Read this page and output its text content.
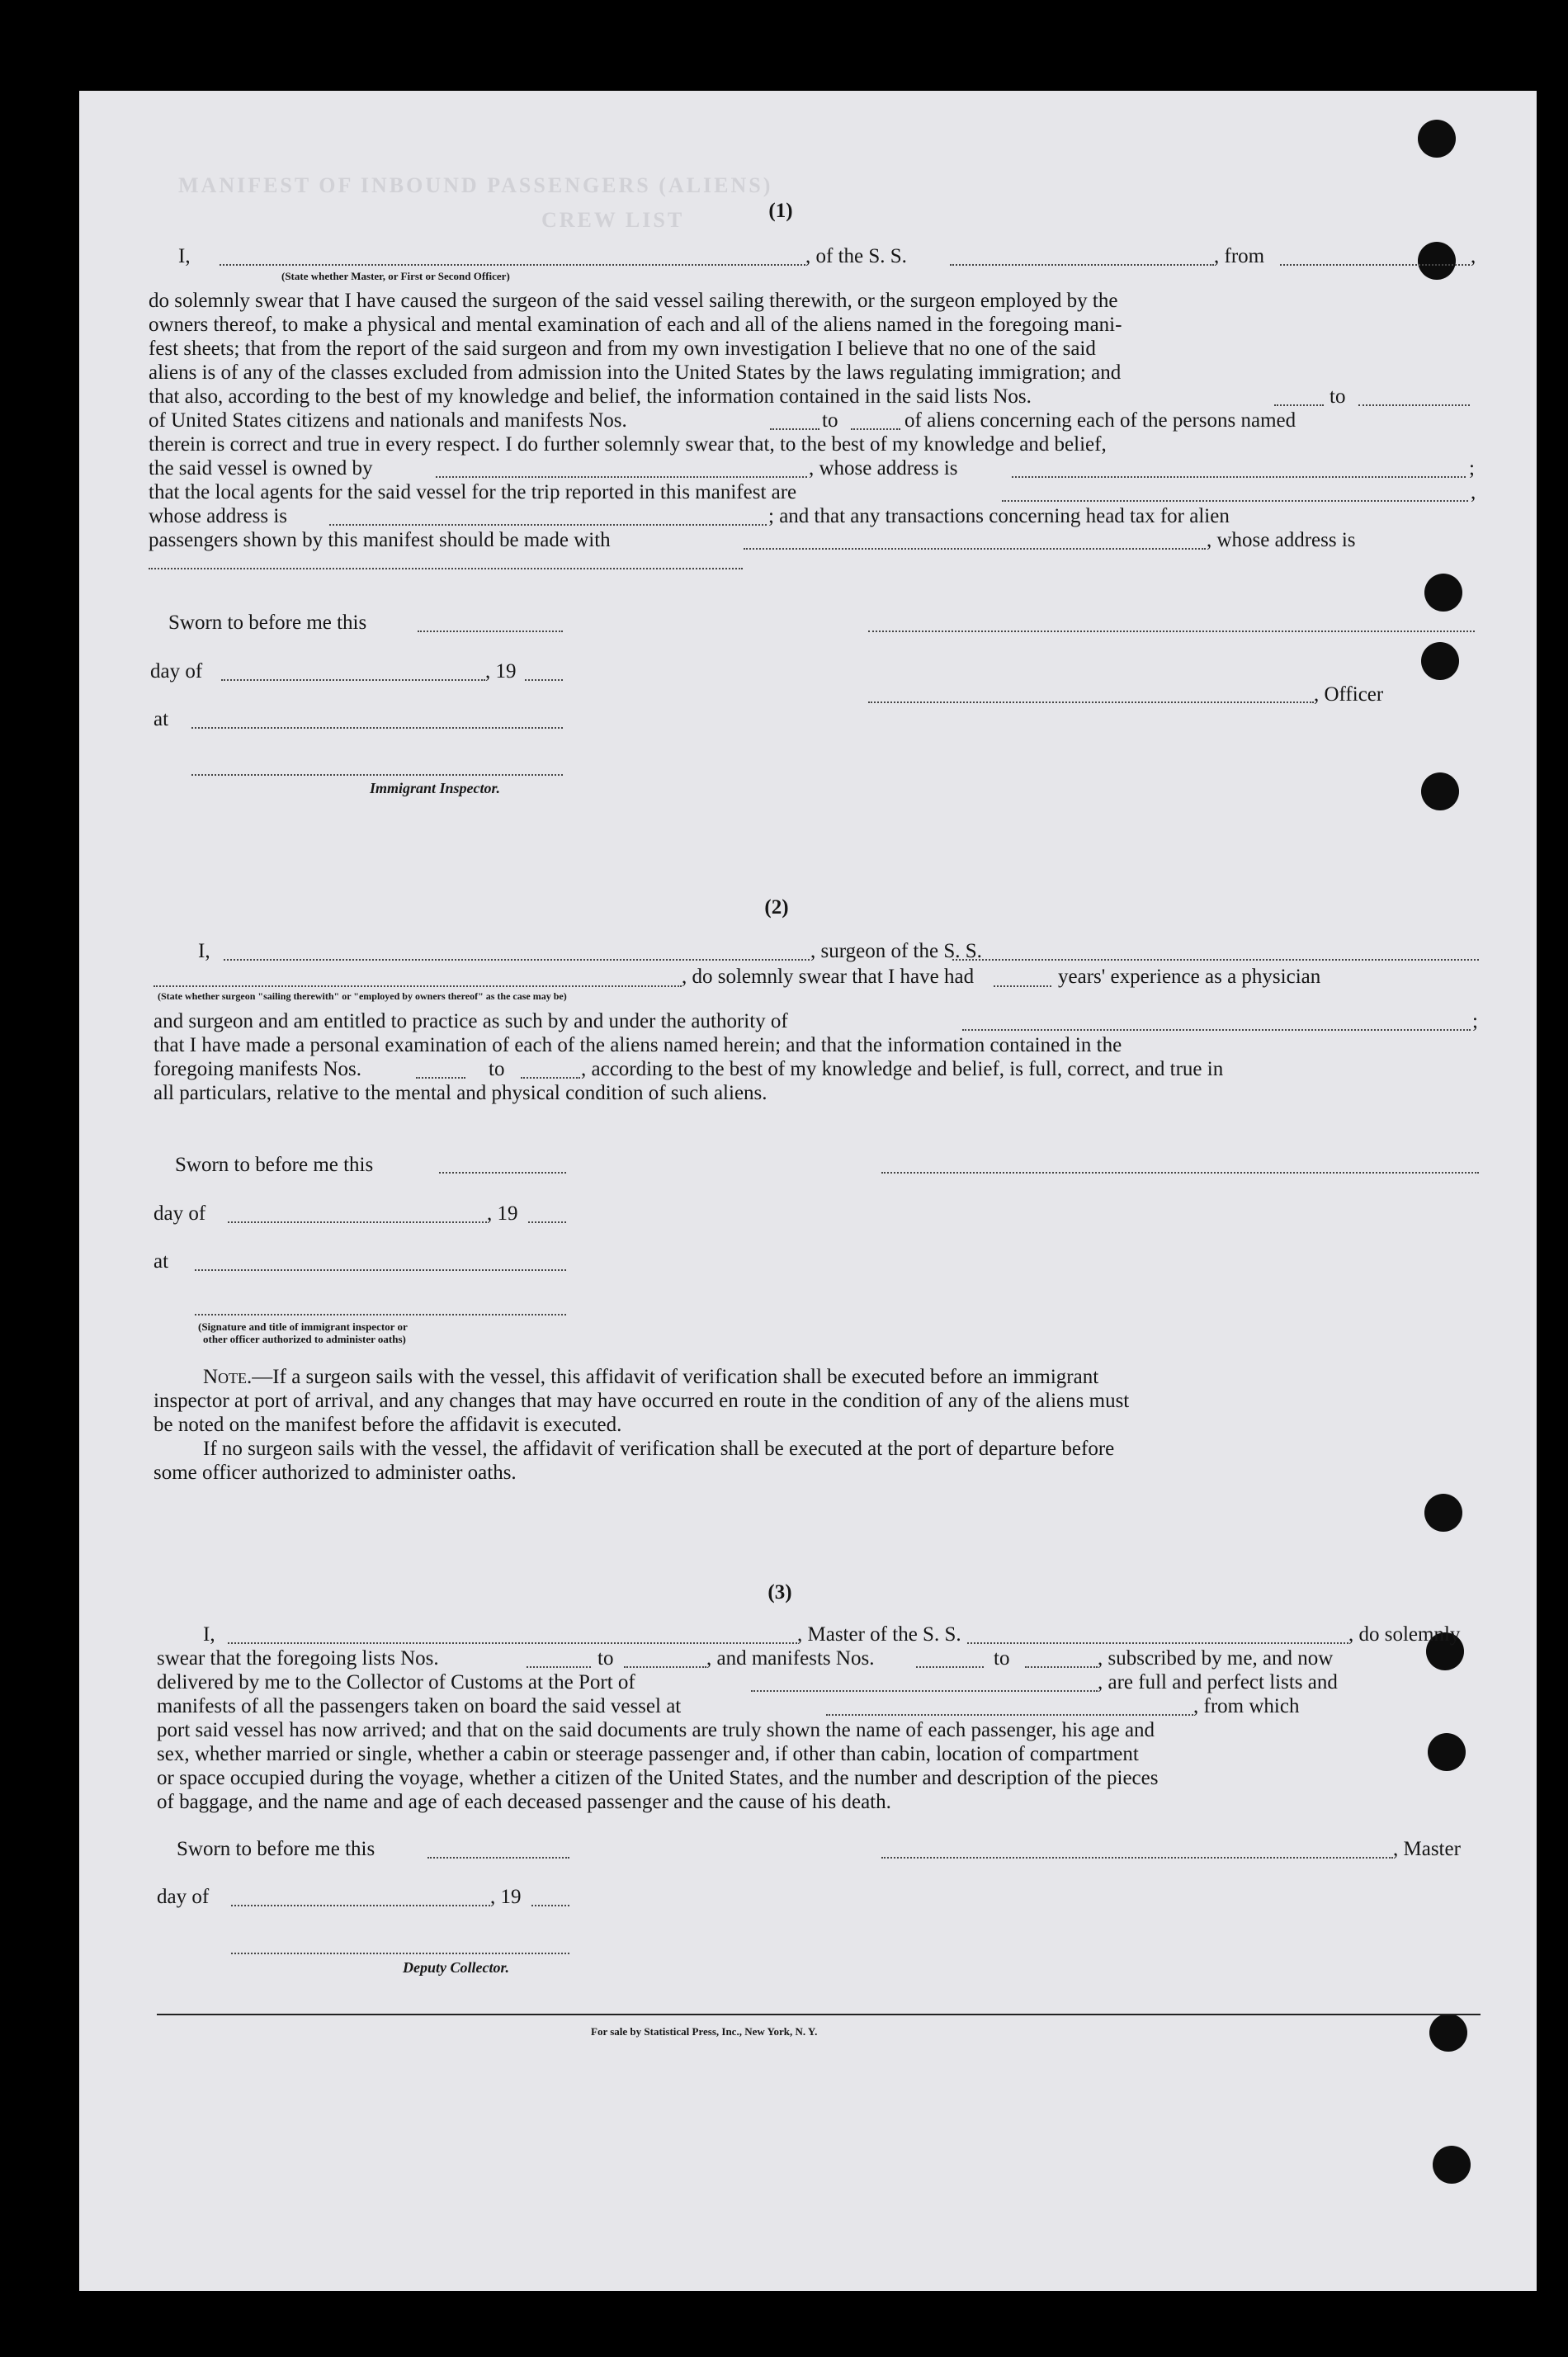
MANIFEST OF INBOUND PASSENGERS (ALIENS)
CREW LIST	(1)
I,	, of the S. S.	, from	,
(State whether Master, or First or Second Officer)
do solemnly swear that I have caused the surgeon of the said vessel sailing therewith, or the surgeon employed by the
owners thereof, to make a physical and mental examination of each and all of the aliens named in the foregoing mani-
fest sheets; that from the report of the said surgeon and from my own investigation I believe that no one of the said
aliens is of any of the classes excluded from admission into the United States by the laws regulating immigration; and
that also, according to the best of my knowledge and belief, the information contained in the said lists Nos.	to
of United States citizens and nationals and manifests Nos.	to	of aliens concerning each of the persons named
therein is correct and true in every respect. I do further solemnly swear that, to the best of my knowledge and belief,
the said vessel is owned by	, whose address is	;
that the local agents for the said vessel for the trip reported in this manifest are	,
whose address is	; and that any transactions concerning head tax for alien
passengers shown by this manifest should be made with	, whose address is
Sworn to before me this
day of	, 19
at
Immigrant Inspector.
, Officer
(2)
I,	, surgeon of the S. S.
, do solemnly swear that I have had	years' experience as a physician
(State whether surgeon "sailing therewith" or "employed by owners thereof" as the case may be)
and surgeon and am entitled to practice as such by and under the authority of	;
that I have made a personal examination of each of the aliens named herein; and that the information contained in the
foregoing manifests Nos.	to	, according to the best of my knowledge and belief, is full, correct, and true in
all particulars, relative to the mental and physical condition of such aliens.
Sworn to before me this
day of	, 19
at
(Signature and title of immigrant inspector or
other officer authorized to administer oaths)
Note.—If a surgeon sails with the vessel, this affidavit of verification shall be executed before an immigrant
inspector at port of arrival, and any changes that may have occurred en route in the condition of any of the aliens must
be noted on the manifest before the affidavit is executed.
If no surgeon sails with the vessel, the affidavit of verification shall be executed at the port of departure before
some officer authorized to administer oaths.
(3)
I,	, Master of the S. S.	, do solemnly
swear that the foregoing lists Nos.	to	, and manifests Nos.	to	, subscribed by me, and now
delivered by me to the Collector of Customs at the Port of	, are full and perfect lists and
manifests of all the passengers taken on board the said vessel at	, from which
port said vessel has now arrived; and that on the said documents are truly shown the name of each passenger, his age and
sex, whether married or single, whether a cabin or steerage passenger and, if other than cabin, location of compartment
or space occupied during the voyage, whether a citizen of the United States, and the number and description of the pieces
of baggage, and the name and age of each deceased passenger and the cause of his death.
Sworn to before me this	, Master
day of	, 19
Deputy Collector.
For sale by Statistical Press, Inc., New York, N. Y.
